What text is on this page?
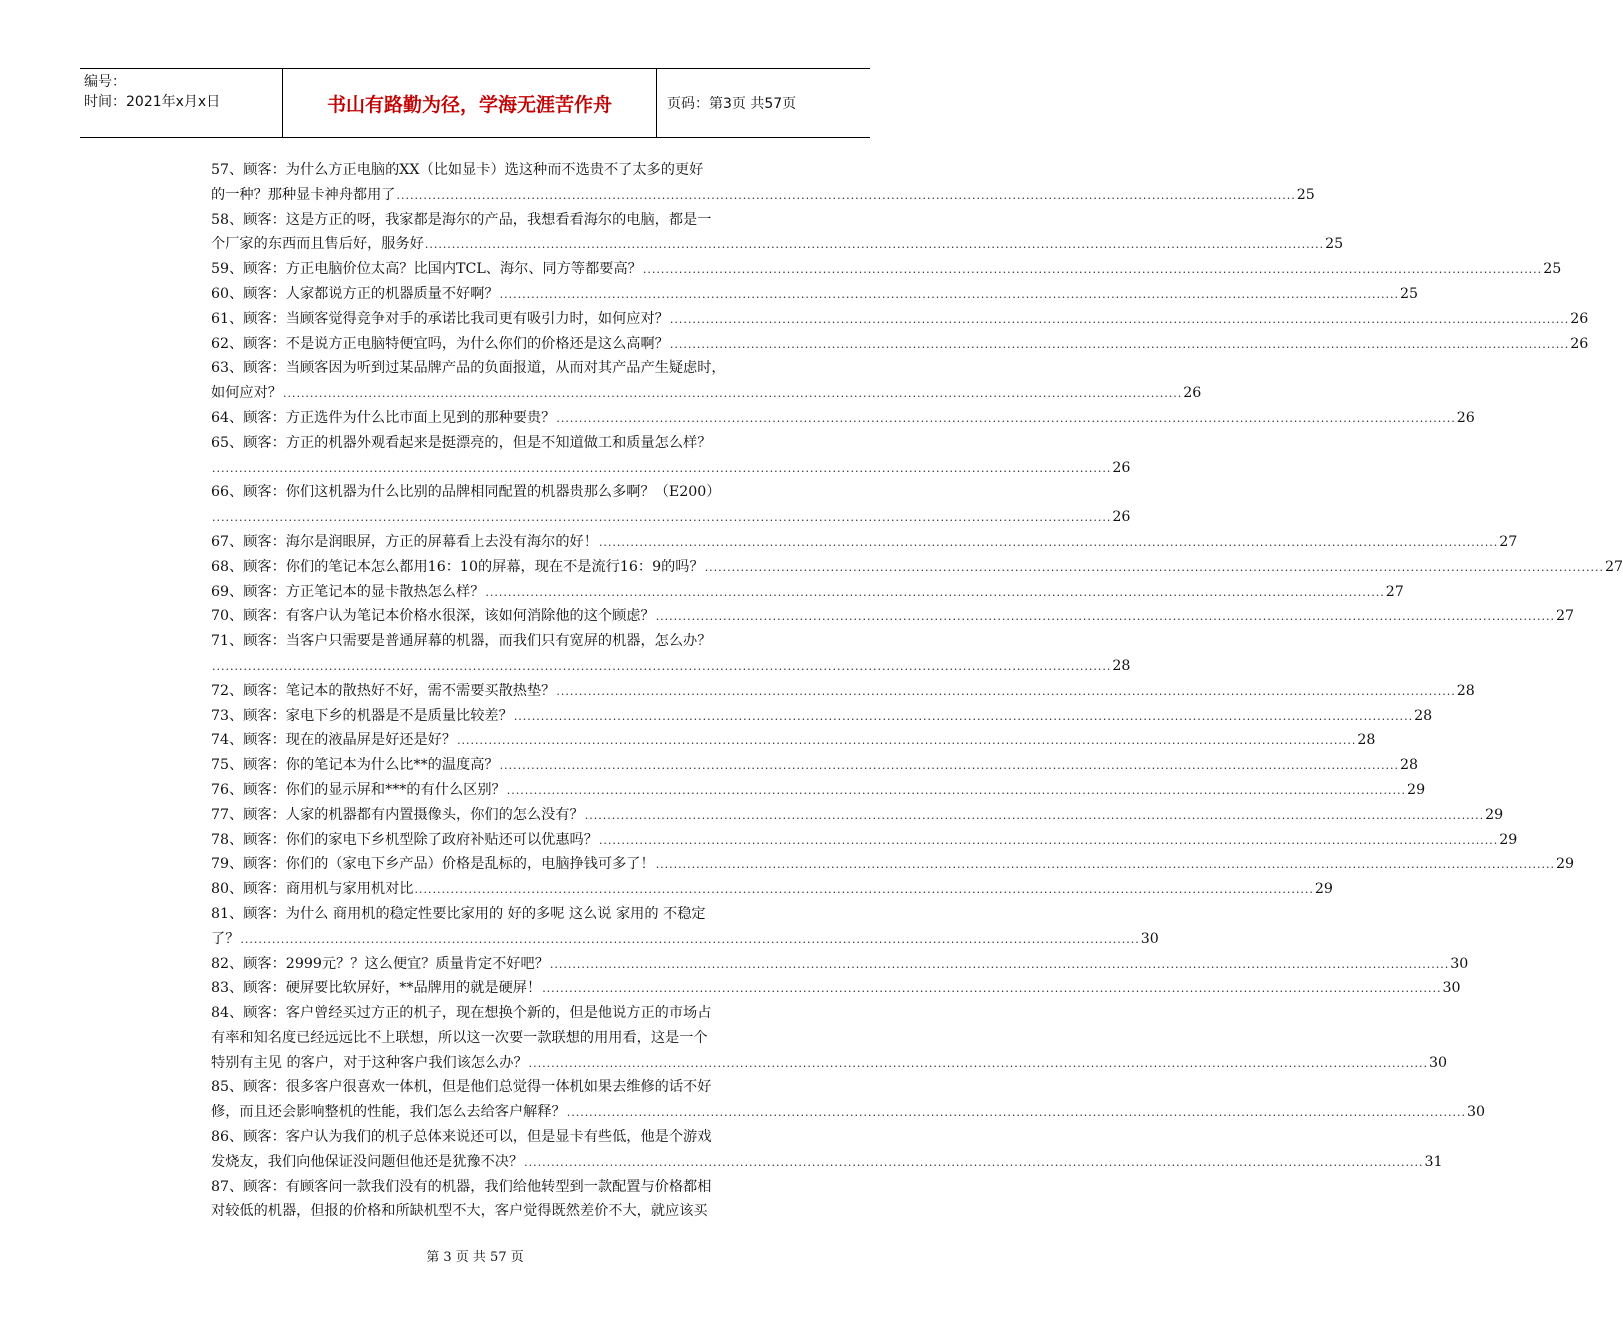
编号：
时间：2021年x月x日	书山有路勤为径，学海无涯苦作舟	页码：第3页 共57页
57、顾客：为什么方正电脑的XX（比如显卡）选这种而不选贵不了太多的更好
的一种？那种显卡神舟都用了 ........................................................................................................................................................................................................ 25
58、顾客：这是方正的呀，我家都是海尔的产品，我想看看海尔的电脑，都是一
个厂家的东西而且售后好，服务好 ........................................................................................................................................................................................................ 25
59、顾客：方正电脑价位太高？比国内TCL、海尔、同方等都要高？ ........................................................................................................................................................................................................ 25
60、顾客：人家都说方正的机器质量不好啊？ ........................................................................................................................................................................................................ 25
61、顾客：当顾客觉得竞争对手的承诺比我司更有吸引力时，如何应对？ ........................................................................................................................................................................................................ 26
62、顾客：不是说方正电脑特便宜吗，为什么你们的价格还是这么高啊？ ........................................................................................................................................................................................................ 26
63、顾客：当顾客因为听到过某品牌产品的负面报道，从而对其产品产生疑虑时，
如何应对？ ........................................................................................................................................................................................................ 26
64、顾客：方正选件为什么比市面上见到的那种要贵？ ........................................................................................................................................................................................................ 26
65、顾客：方正的机器外观看起来是挺漂亮的，但是不知道做工和质量怎么样？
........................................................................................................................................................................................................ 26
66、顾客：你们这机器为什么比别的品牌相同配置的机器贵那么多啊？（E200）
........................................................................................................................................................................................................ 26
67、顾客：海尔是润眼屏，方正的屏幕看上去没有海尔的好！ ........................................................................................................................................................................................................ 27
68、顾客：你们的笔记本怎么都用16：10的屏幕，现在不是流行16：9的吗？ ........................................................................................................................................................................................................ 27
69、顾客：方正笔记本的显卡散热怎么样？ ........................................................................................................................................................................................................ 27
70、顾客：有客户认为笔记本价格水很深，该如何消除他的这个顾虑？ ........................................................................................................................................................................................................ 27
71、顾客：当客户只需要是普通屏幕的机器，而我们只有宽屏的机器，怎么办？
........................................................................................................................................................................................................ 28
72、顾客：笔记本的散热好不好，需不需要买散热垫？ ........................................................................................................................................................................................................ 28
73、顾客：家电下乡的机器是不是质量比较差？ ........................................................................................................................................................................................................ 28
74、顾客：现在的液晶屏是好还是好？ ........................................................................................................................................................................................................ 28
75、顾客：你的笔记本为什么比**的温度高？ ........................................................................................................................................................................................................ 28
76、顾客：你们的显示屏和***的有什么区别？ ........................................................................................................................................................................................................ 29
77、顾客：人家的机器都有内置摄像头，你们的怎么没有？ ........................................................................................................................................................................................................ 29
78、顾客：你们的家电下乡机型除了政府补贴还可以优惠吗？ ........................................................................................................................................................................................................ 29
79、顾客：你们的（家电下乡产品）价格是乱标的，电脑挣钱可多了！ ........................................................................................................................................................................................................ 29
80、顾客：商用机与家用机对比 ........................................................................................................................................................................................................ 29
81、顾客：为什么 商用机的稳定性要比家用的 好的多呢 这么说 家用的 不稳定
了？ ........................................................................................................................................................................................................ 30
82、顾客：2999元？？这么便宜？质量肯定不好吧？ ........................................................................................................................................................................................................ 30
83、顾客：硬屏要比软屏好，**品牌用的就是硬屏！ ........................................................................................................................................................................................................ 30
84、顾客：客户曾经买过方正的机子，现在想换个新的，但是他说方正的市场占
有率和知名度已经远远比不上联想，所以这一次要一款联想的用用看，这是一个
特别有主见 的客户，对于这种客户我们该怎么办？ ........................................................................................................................................................................................................ 30
85、顾客：很多客户很喜欢一体机，但是他们总觉得一体机如果去维修的话不好
修，而且还会影响整机的性能，我们怎么去给客户解释？ ........................................................................................................................................................................................................ 30
86、顾客：客户认为我们的机子总体来说还可以，但是显卡有些低，他是个游戏
发烧友，我们向他保证没问题但他还是犹豫不决？ ........................................................................................................................................................................................................ 31
87、顾客：有顾客问一款我们没有的机器，我们给他转型到一款配置与价格都相
对较低的机器，但报的价格和所缺机型不大，客户觉得既然差价不大，就应该买
第 3 页 共 57 页
